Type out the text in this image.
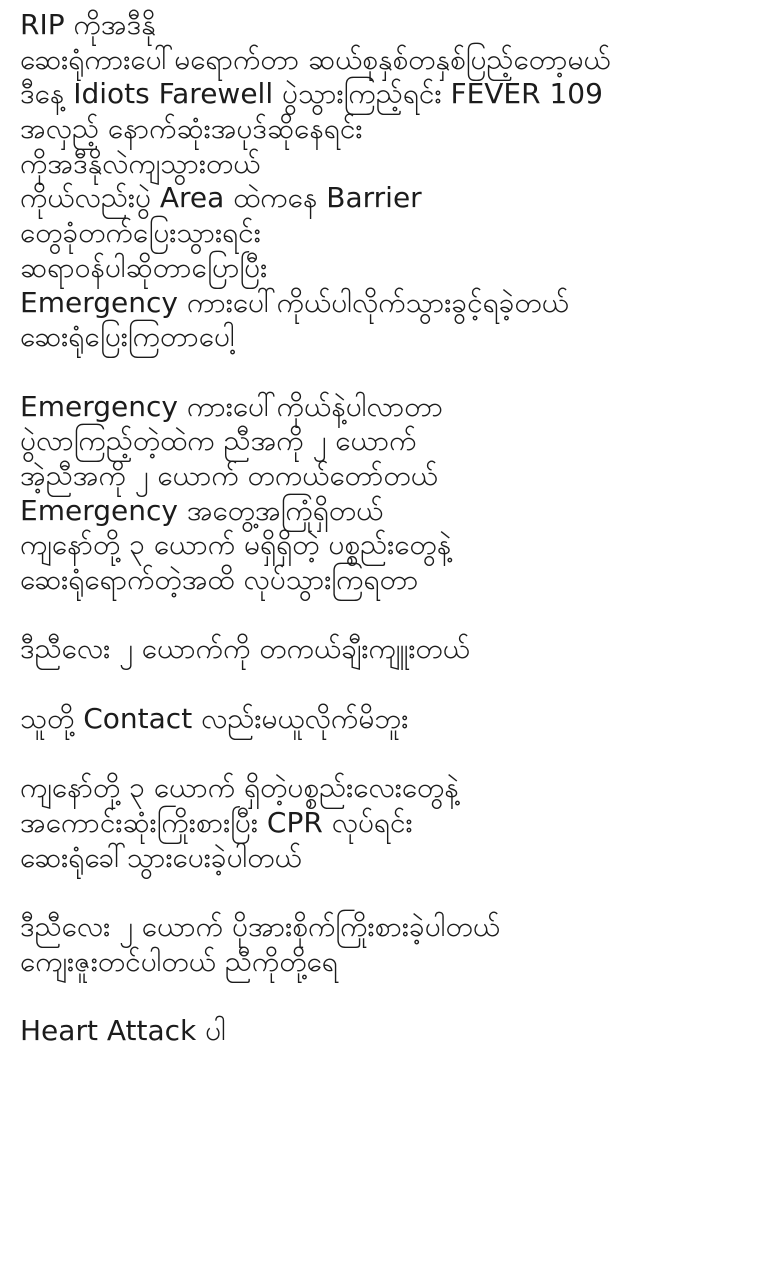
RIP ကိုအဒီနို
ဆေးရုံကားပေါ်မရောက်တာ ဆယ်စုနှစ်တနှစ်ပြည့်တော့မယ်
ဒီနေ့ Idiots Farewell ပွဲသွားကြည့်ရင်း FEVER 109
အလှည့် နောက်ဆုံးအပုဒ်ဆိုနေရင်း
ကိုအဒီနိုလဲကျသွားတယ်
ကိုယ်လည်းပွဲ Area ထဲကနေ Barrier
တွေခုံတက်ပြေးသွားရင်း
ဆရာဝန်ပါဆိုတာပြောပြီး
Emergency ကားပေါ်ကိုယ်ပါလိုက်သွားခွင့်ရခဲ့တယ်
ဆေးရုံပြေးကြတာပေါ့
Emergency ကားပေါ်ကိုယ်နဲ့ပါလာတာ
ပွဲလာကြည့်တဲ့ထဲက ညီအကို ၂ ယောက်
အဲ့ညီအကို ၂ ယောက် တကယ်တော်တယ်
Emergency အတွေ့အကြုံရှိတယ်
ကျနော်တို့ ၃ ယောက် မရှိရှိတဲ့ ပစ္စည်းတွေနဲ့
ဆေးရုံရောက်တဲ့အထိ လုပ်သွားကြရတာ
ဒီညီလေး ၂ ယောက်ကို တကယ်ချီးကျူးတယ်
သူတို့ Contact လည်းမယူလိုက်မိဘူး
ကျနော်တို့ ၃ ယောက် ရှိတဲ့ပစ္စည်းလေးတွေနဲ့
အကောင်းဆုံးကြိုးစားပြီး CPR လုပ်ရင်း
ဆေးရုံခေါ်သွားပေးခဲ့ပါတယ်
ဒီညီလေး ၂ ယောက် ပိုအားစိုက်ကြိုးစားခဲ့ပါတယ်
ကျေးဇူးတင်ပါတယ် ညီကိုတို့ရေ
Heart Attack ပါ
